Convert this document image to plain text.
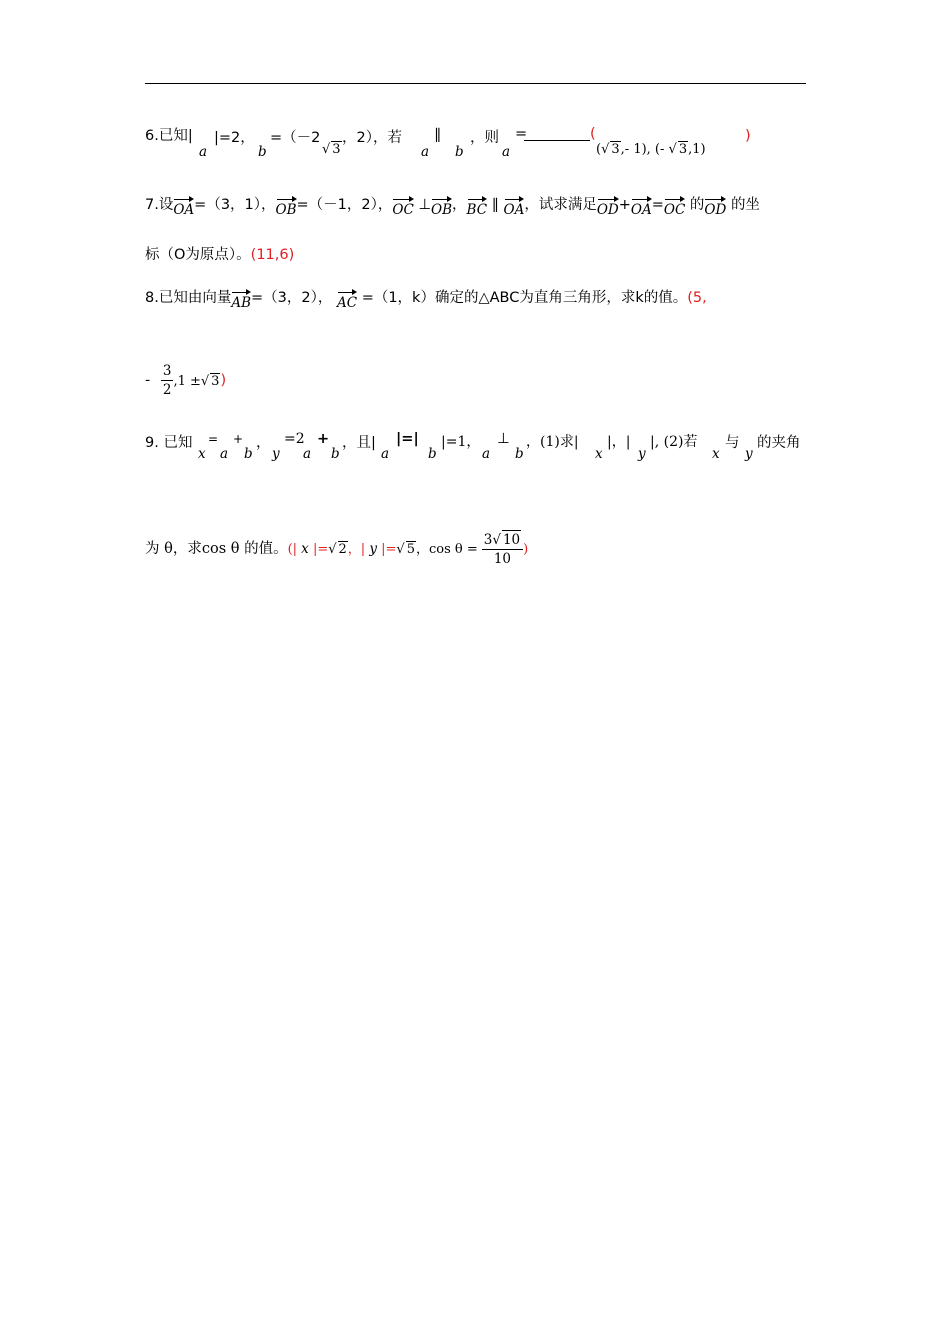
6.已知|
a
|=2，
b
=（－2
√ 3
，2），若
a
∥
b
，则
a
=	(
(√ 3,- 1), (- √ 3,1)
)
7.设OA=（3，1），OB=（－1，2），OC ⊥OB，BC ∥ OA，试求满足OD+OA=OC 的OD 的坐
标（O为原点）。(11,6)
8.已知由向量AB=（3，2）， AC =（1，k）确定的△ABC为直角三角形，求k的值。(5,
- $\frac{3}{2} ,1$ ±√ 3)
9. 已知
x
=
a
+
b
，
y
=2
a
+
b
，且|
a
|=|
b
|=1，
a
⊥
b
，(1)求|
x
|，|
y
|, (2)若
x
与
y
的夹角
为 θ，求cos θ 的值。(| x |=√ 2，| y |=√ 5，$\cos \theta = \frac{3√ 10}{10}$ )
